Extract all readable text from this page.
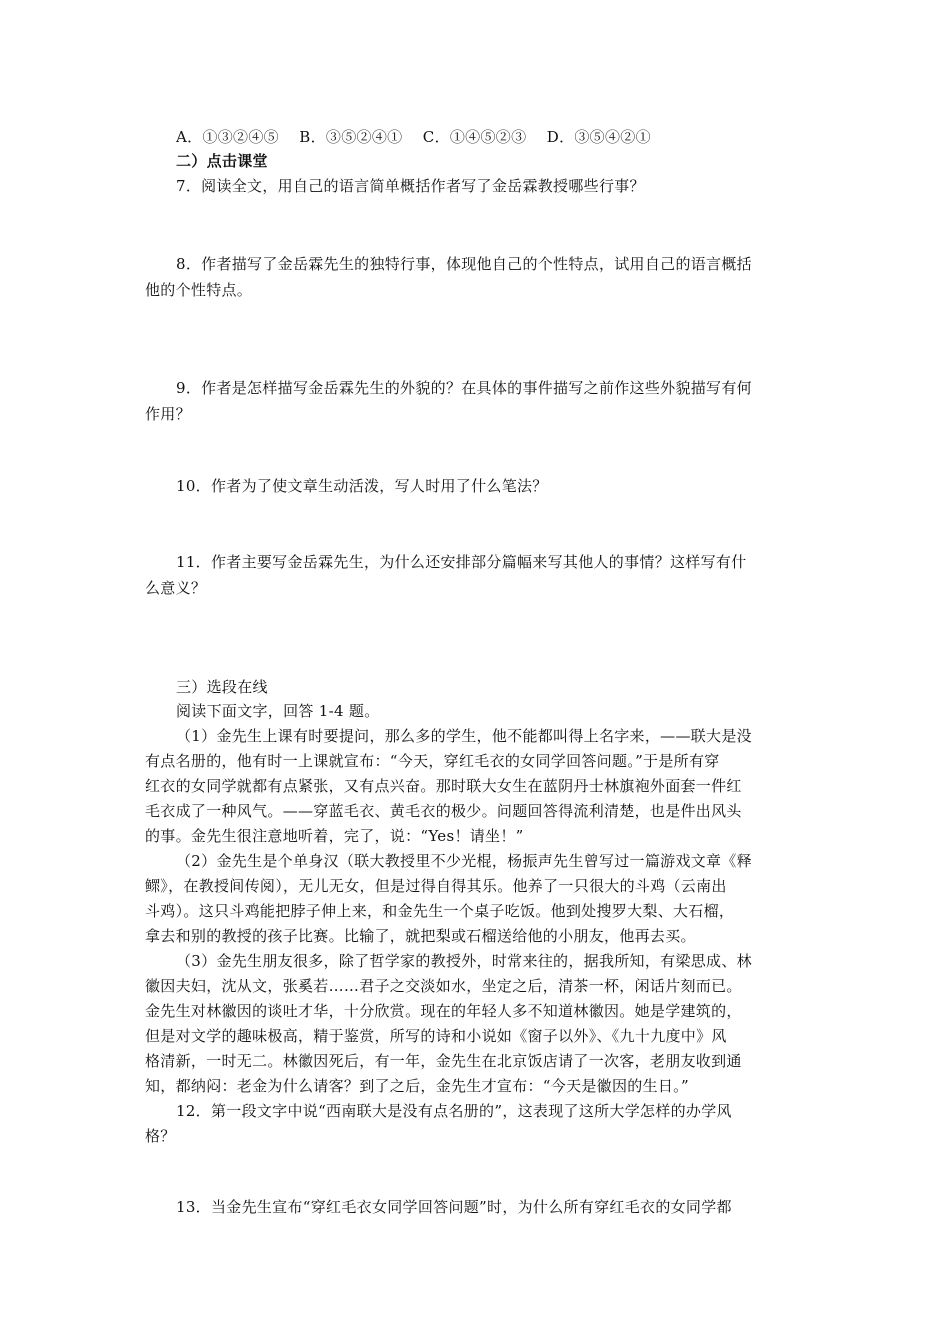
A．①③②④⑤　 B．③⑤②④①　 C．①④⑤②③　 D．③⑤④②①
二）点击课堂
7．阅读全文，用自己的语言简单概括作者写了金岳霖教授哪些行事？
8．作者描写了金岳霖先生的独特行事，体现他自己的个性特点，试用自己的语言概括
他的个性特点。
9．作者是怎样描写金岳霖先生的外貌的？在具体的事件描写之前作这些外貌描写有何
作用？
10．作者为了使文章生动活泼，写人时用了什么笔法？
11．作者主要写金岳霖先生，为什么还安排部分篇幅来写其他人的事情？这样写有什
么意义？
三）选段在线
阅读下面文字，回答 1-4 题。
（1）金先生上课有时要提问，那么多的学生，他不能都叫得上名字来，——联大是没
有点名册的，他有时一上课就宣布：“今天，穿红毛衣的女同学回答问题。”于是所有穿
红衣的女同学就都有点紧张，又有点兴奋。那时联大女生在蓝阴丹士林旗袍外面套一件红
毛衣成了一种风气。——穿蓝毛衣、黄毛衣的极少。问题回答得流利清楚，也是件出风头
的事。金先生很注意地听着，完了，说：“Yes！请坐！”
（2）金先生是个单身汉（联大教授里不少光棍，杨振声先生曾写过一篇游戏文章《释
鳏》，在教授间传阅），无儿无女，但是过得自得其乐。他养了一只很大的斗鸡（云南出
斗鸡）。这只斗鸡能把脖子伸上来，和金先生一个桌子吃饭。他到处搜罗大梨、大石榴，
拿去和别的教授的孩子比赛。比输了，就把梨或石榴送给他的小朋友，他再去买。
（3）金先生朋友很多，除了哲学家的教授外，时常来往的，据我所知，有梁思成、林
徽因夫妇，沈从文，张奚若……君子之交淡如水，坐定之后，清茶一杯，闲话片刻而已。
金先生对林徽因的谈吐才华，十分欣赏。现在的年轻人多不知道林徽因。她是学建筑的，
但是对文学的趣味极高，精于鉴赏，所写的诗和小说如《窗子以外》、《九十九度中》风
格清新，一时无二。林徽因死后，有一年，金先生在北京饭店请了一次客，老朋友收到通
知，都纳闷：老金为什么请客？到了之后，金先生才宣布：“今天是徽因的生日。”
12．第一段文字中说“西南联大是没有点名册的”，这表现了这所大学怎样的办学风
格？
13．当金先生宣布“穿红毛衣女同学回答问题”时，为什么所有穿红毛衣的女同学都
